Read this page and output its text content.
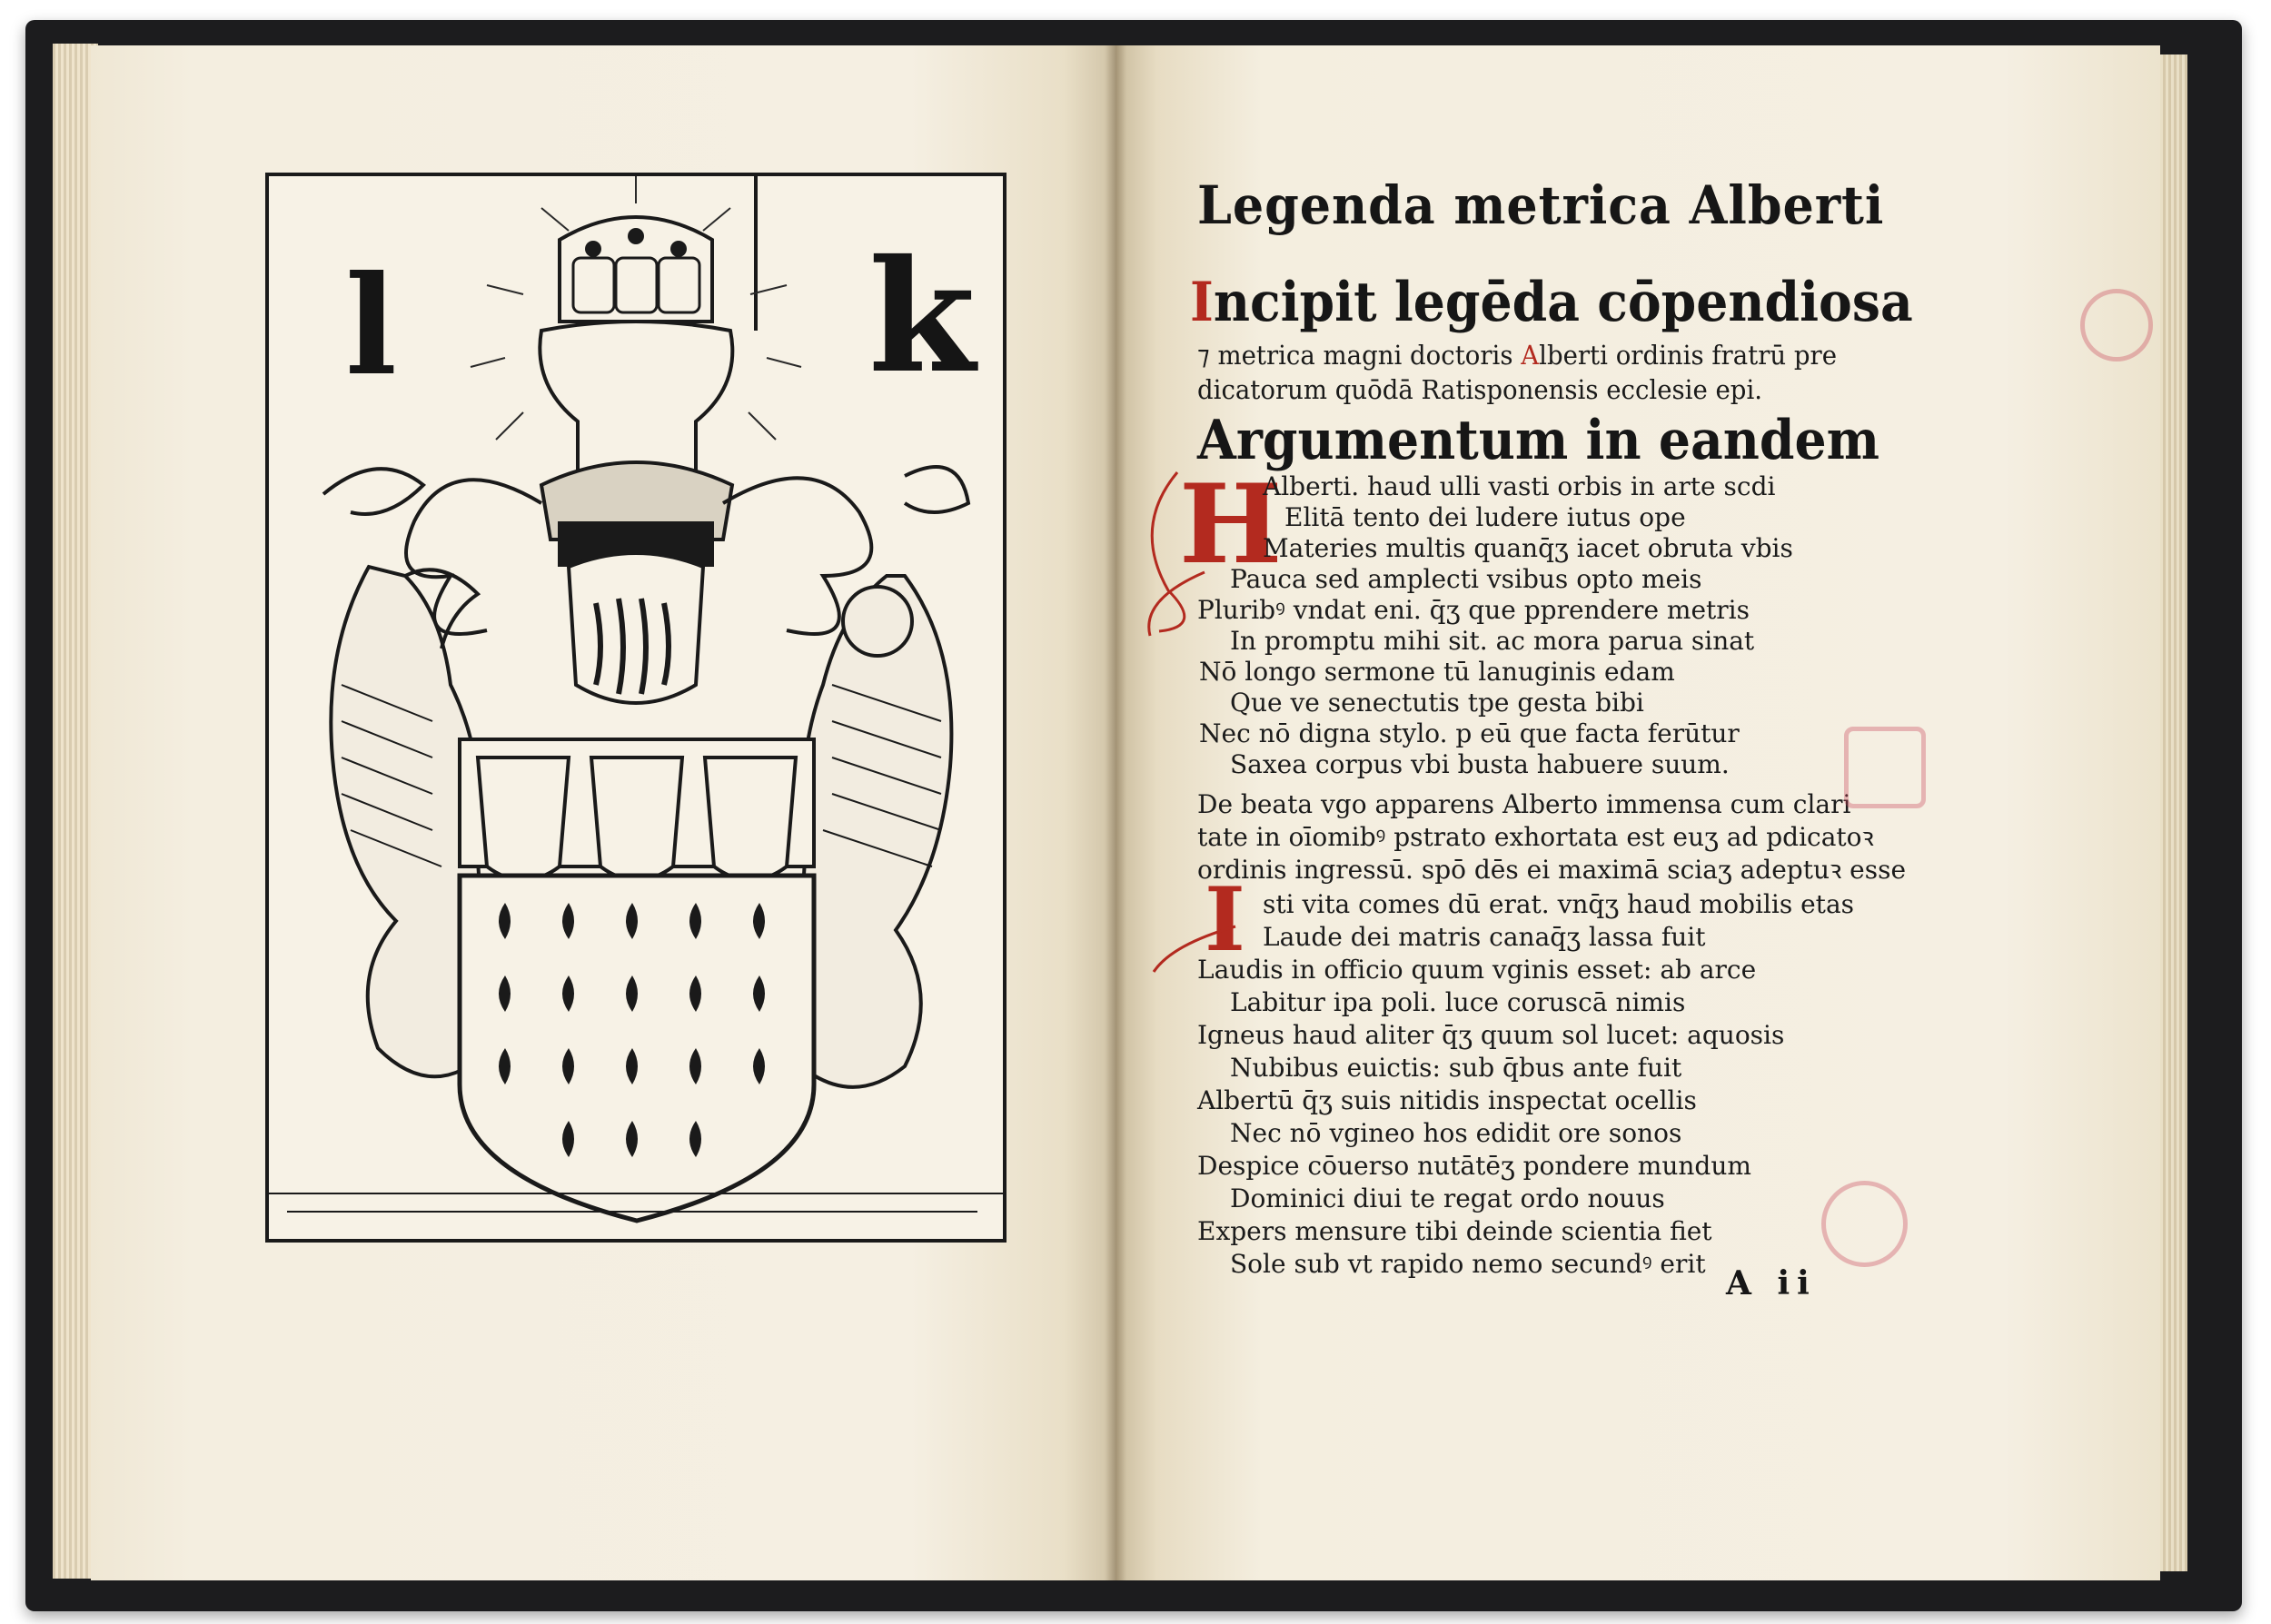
l	k
Legenda metrica Alberti
Incipit legēda cōpendiosa
⁊ metrica magni doctoris Alberti ordinis fratrū pre
dicatorum quōdā Ratisponensis ecclesie epi.
Argumentum in eandem
H
Alberti. haud ulli vasti orbis in arte scdi
Elitā tento dei ludere iutus ope
Materies multis quanq̄ʒ iacet obruta vbis
Pauca sed amplecti vsibus opto meis
Pluribꝰ vndat eni. q̄ʒ que pprendere metris
In promptu mihi sit. ac mora parua sinat
Nō longo sermone tū lanuginis edam
Que ve senectutis tpe gesta bibi
Nec nō digna stylo. p eū que facta ferūtur
Saxea corpus vbi busta habuere suum.
De beata vgo apparens Alberto immensa cum clari
tate in oīomibꝰ pstrato exhortata est euʒ ad pdicatoꝛ
ordinis ingressū. spō dēs ei maximā sciaʒ adeptuꝛ esse
I sti vita comes dū erat. vnq̄ʒ haud mobilis etas
Laude dei matris canaq̄ʒ lassa fuit
Laudis in officio quum vginis esset: ab arce
Labitur ipa poli. luce coruscā nimis
Igneus haud aliter q̄ʒ quum sol lucet: aquosis
Nubibus euictis: sub q̄bus ante fuit
Albertū q̄ʒ suis nitidis inspectat ocellis
Nec nō vgineo hos edidit ore sonos
Despice cōuerso nutātēʒ pondere mundum
Dominici diui te regat ordo nouus
Expers mensure tibi deinde scientia fiet
Sole sub vt rapido nemo secundꝰ erit
A ii
